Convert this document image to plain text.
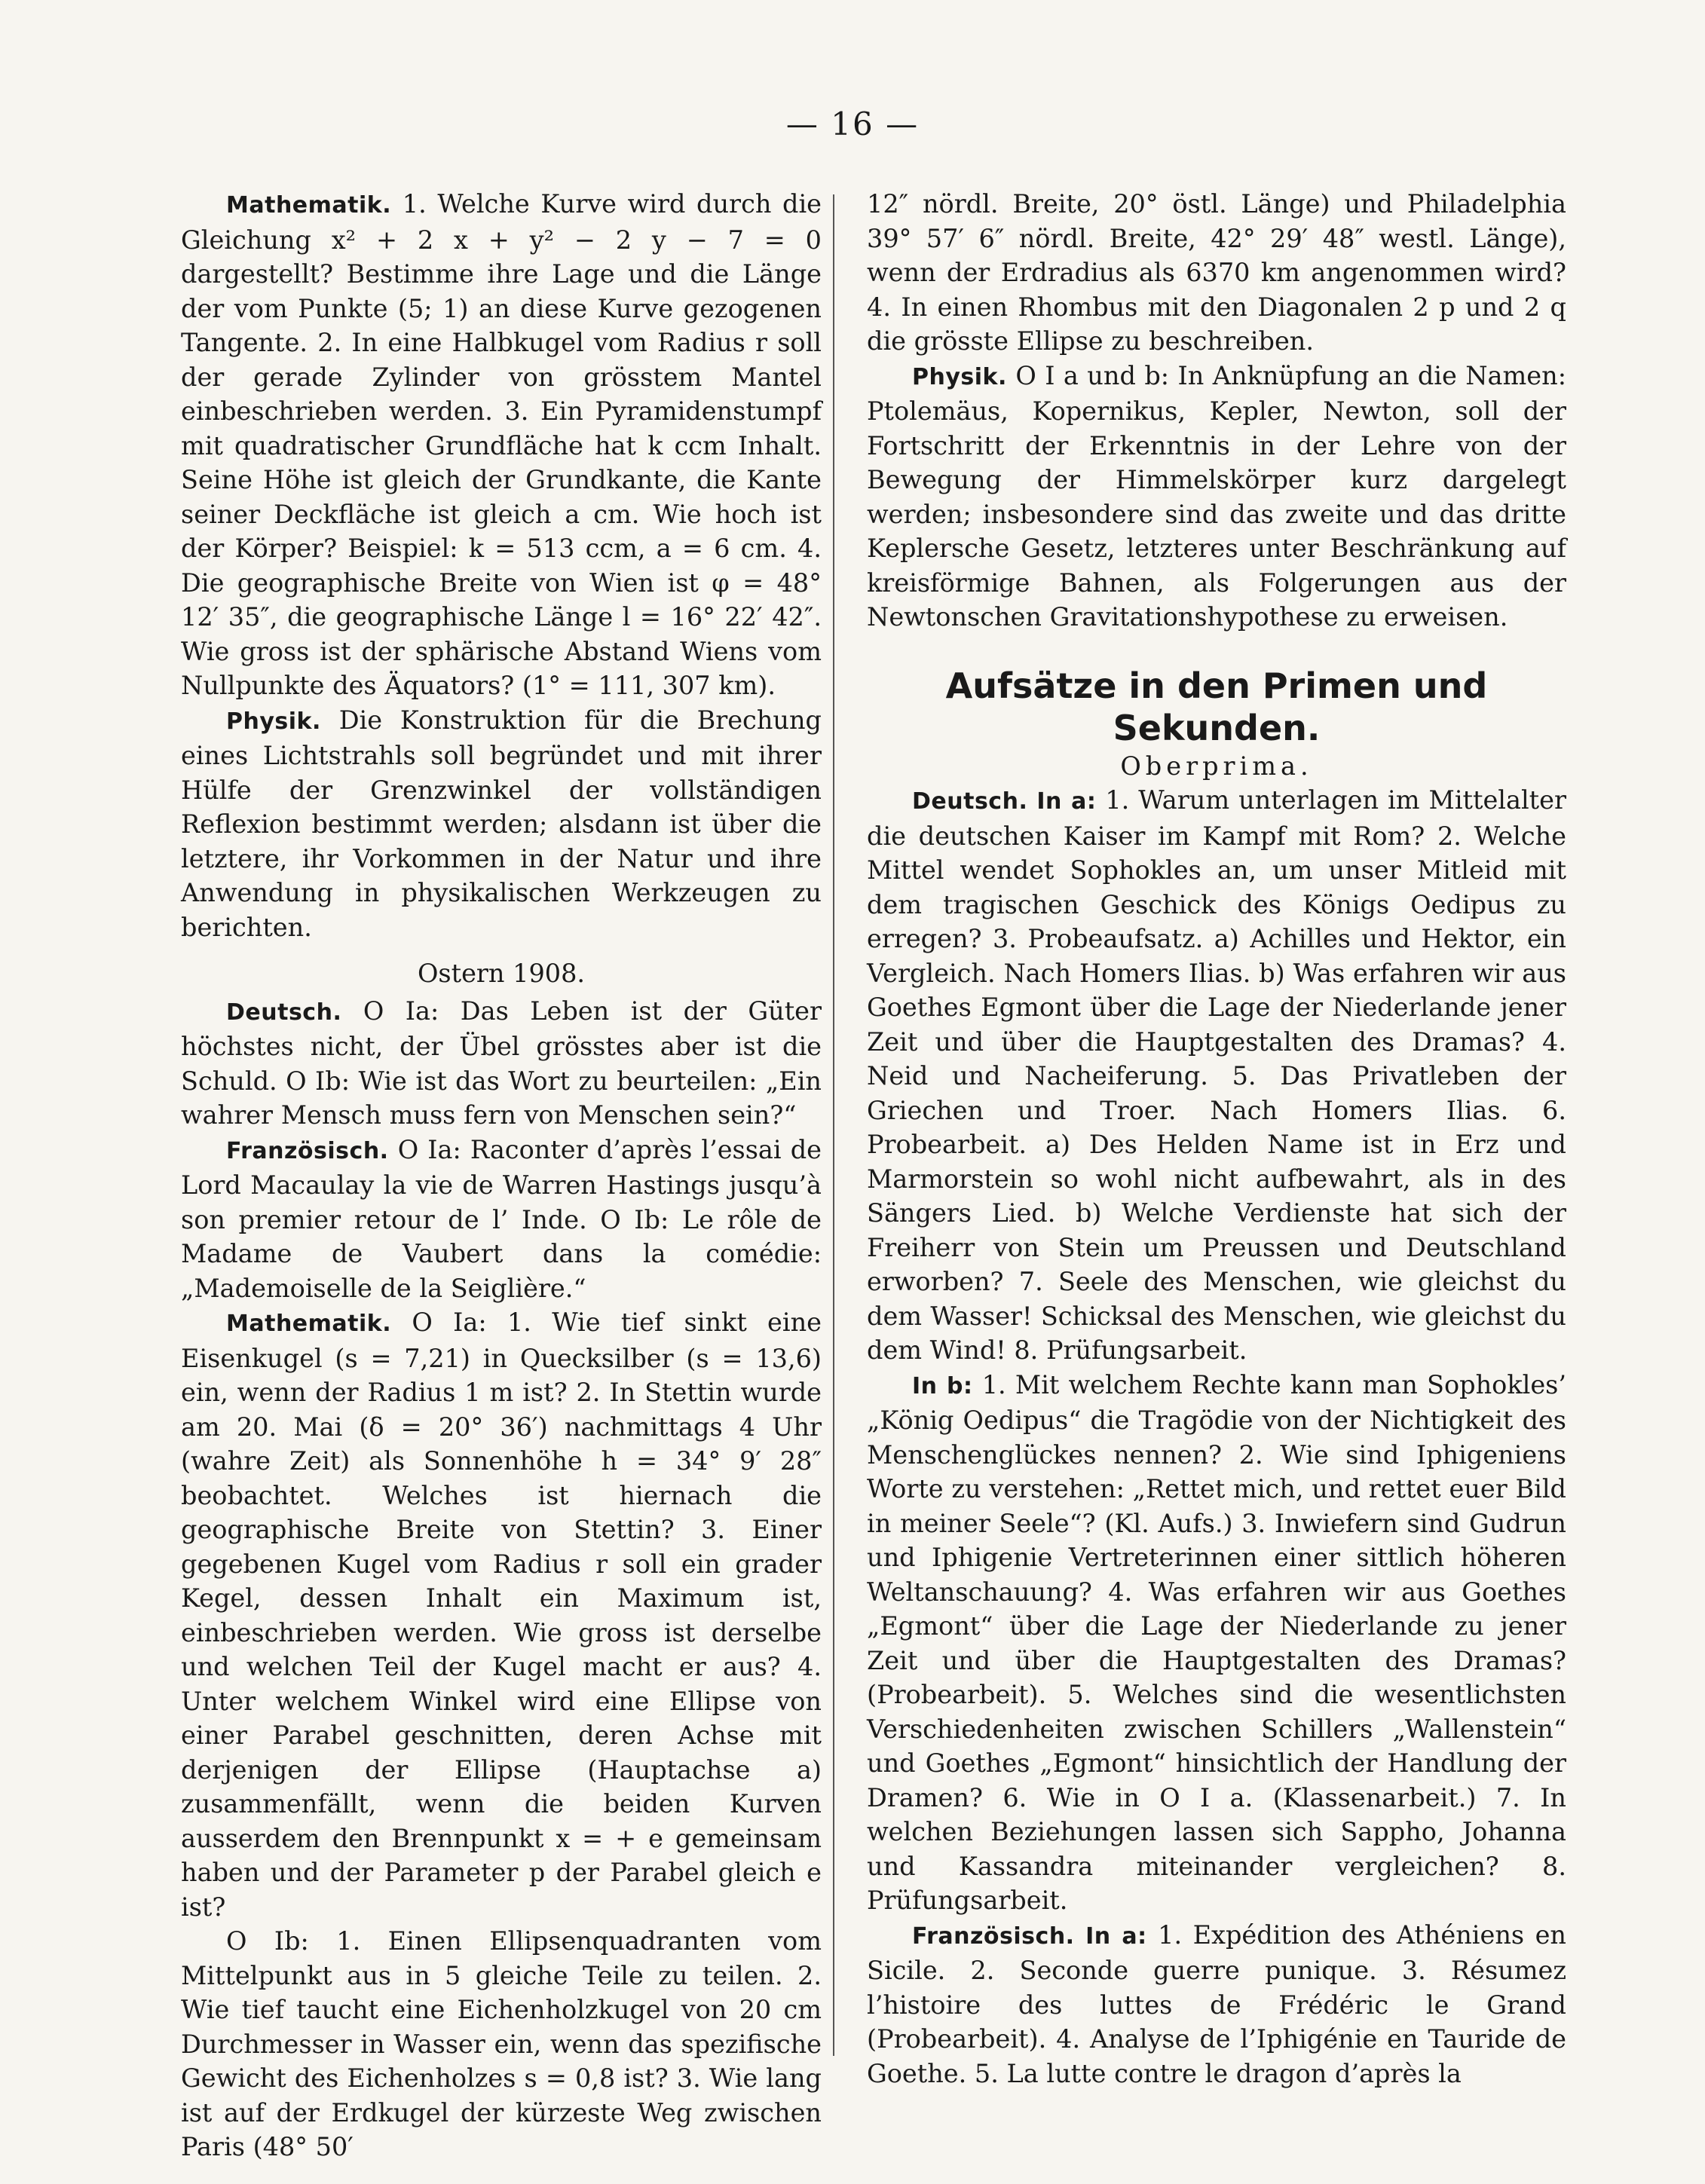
— 16 —

Mathematik. 1. Welche Kurve wird durch die Gleichung x² + 2 x + y² − 2 y − 7 = 0 dargestellt? Bestimme ihre Lage und die Länge der vom Punkte (5; 1) an diese Kurve gezogenen Tangente. 2. In eine Halbkugel vom Radius r soll der gerade Zylinder von grösstem Mantel einbeschrieben werden. 3. Ein Pyramidenstumpf mit quadratischer Grundfläche hat k ccm Inhalt. Seine Höhe ist gleich der Grundkante, die Kante seiner Deckfläche ist gleich a cm. Wie hoch ist der Körper? Beispiel: k = 513 ccm, a = 6 cm. 4. Die geographische Breite von Wien ist φ = 48° 12′ 35″, die geographische Länge l = 16° 22′ 42″. Wie gross ist der sphärische Abstand Wiens vom Nullpunkte des Äquators? (1° = 111, 307 km).

Physik. Die Konstruktion für die Brechung eines Lichtstrahls soll begründet und mit ihrer Hülfe der Grenzwinkel der vollständigen Reflexion bestimmt werden; alsdann ist über die letztere, ihr Vorkommen in der Natur und ihre Anwendung in physikalischen Werkzeugen zu berichten.

Ostern 1908.

Deutsch. O Ia: Das Leben ist der Güter höchstes nicht, der Übel grösstes aber ist die Schuld. O Ib: Wie ist das Wort zu beurteilen: „Ein wahrer Mensch muss fern von Menschen sein?“

Französisch. O Ia: Raconter d’après l’essai de Lord Macaulay la vie de Warren Hastings jusqu’à son premier retour de l’ Inde. O Ib: Le rôle de Madame de Vaubert dans la comédie: „Mademoiselle de la Seiglière.“

Mathematik. O Ia: 1. Wie tief sinkt eine Eisenkugel (s = 7,21) in Quecksilber (s = 13,6) ein, wenn der Radius 1 m ist? 2. In Stettin wurde am 20. Mai (δ = 20° 36′) nachmittags 4 Uhr (wahre Zeit) als Sonnenhöhe h = 34° 9′ 28″ beobachtet. Welches ist hiernach die geographische Breite von Stettin? 3. Einer gegebenen Kugel vom Radius r soll ein grader Kegel, dessen Inhalt ein Maximum ist, einbeschrieben werden. Wie gross ist derselbe und welchen Teil der Kugel macht er aus? 4. Unter welchem Winkel wird eine Ellipse von einer Parabel geschnitten, deren Achse mit derjenigen der Ellipse (Hauptachse a) zusammenfällt, wenn die beiden Kurven ausserdem den Brennpunkt x = + e gemeinsam haben und der Parameter p der Parabel gleich e ist?

O Ib: 1. Einen Ellipsenquadranten vom Mittelpunkt aus in 5 gleiche Teile zu teilen. 2. Wie tief taucht eine Eichenholzkugel von 20 cm Durchmesser in Wasser ein, wenn das spezifische Gewicht des Eichenholzes s = 0,8 ist? 3. Wie lang ist auf der Erdkugel der kürzeste Weg zwischen Paris (48° 50′

12″ nördl. Breite, 20° östl. Länge) und Philadelphia 39° 57′ 6″ nördl. Breite, 42° 29′ 48″ westl. Länge), wenn der Erdradius als 6370 km angenommen wird? 4. In einen Rhombus mit den Diagonalen 2 p und 2 q die grösste Ellipse zu beschreiben.

Physik. O I a und b: In Anknüpfung an die Namen: Ptolemäus, Kopernikus, Kepler, Newton, soll der Fortschritt der Erkenntnis in der Lehre von der Bewegung der Himmelskörper kurz dargelegt werden; insbesondere sind das zweite und das dritte Keplersche Gesetz, letzteres unter Beschränkung auf kreisförmige Bahnen, als Folgerungen aus der Newtonschen Gravitationshypothese zu erweisen.

Aufsätze in den Primen und Sekunden.

Oberprima.

Deutsch. In a: 1. Warum unterlagen im Mittelalter die deutschen Kaiser im Kampf mit Rom? 2. Welche Mittel wendet Sophokles an, um unser Mitleid mit dem tragischen Geschick des Königs Oedipus zu erregen? 3. Probeaufsatz. a) Achilles und Hektor, ein Vergleich. Nach Homers Ilias. b) Was erfahren wir aus Goethes Egmont über die Lage der Niederlande jener Zeit und über die Hauptgestalten des Dramas? 4. Neid und Nacheiferung. 5. Das Privatleben der Griechen und Troer. Nach Homers Ilias. 6. Probearbeit. a) Des Helden Name ist in Erz und Marmorstein so wohl nicht aufbewahrt, als in des Sängers Lied. b) Welche Verdienste hat sich der Freiherr von Stein um Preussen und Deutschland erworben? 7. Seele des Menschen, wie gleichst du dem Wasser! Schicksal des Menschen, wie gleichst du dem Wind! 8. Prüfungsarbeit.

In b: 1. Mit welchem Rechte kann man Sophokles’ „König Oedipus“ die Tragödie von der Nichtigkeit des Menschenglückes nennen? 2. Wie sind Iphigeniens Worte zu verstehen: „Rettet mich, und rettet euer Bild in meiner Seele“? (Kl. Aufs.) 3. Inwiefern sind Gudrun und Iphigenie Vertreterinnen einer sittlich höheren Weltanschauung? 4. Was erfahren wir aus Goethes „Egmont“ über die Lage der Niederlande zu jener Zeit und über die Hauptgestalten des Dramas? (Probearbeit). 5. Welches sind die wesentlichsten Verschiedenheiten zwischen Schillers „Wallenstein“ und Goethes „Egmont“ hinsichtlich der Handlung der Dramen? 6. Wie in O I a. (Klassenarbeit.) 7. In welchen Beziehungen lassen sich Sappho, Johanna und Kassandra miteinander vergleichen? 8. Prüfungsarbeit.

Französisch. In a: 1. Expédition des Athéniens en Sicile. 2. Seconde guerre punique. 3. Résumez l’histoire des luttes de Frédéric le Grand (Probearbeit). 4. Analyse de l’Iphigénie en Tauride de Goethe. 5. La lutte contre le dragon d’après la
